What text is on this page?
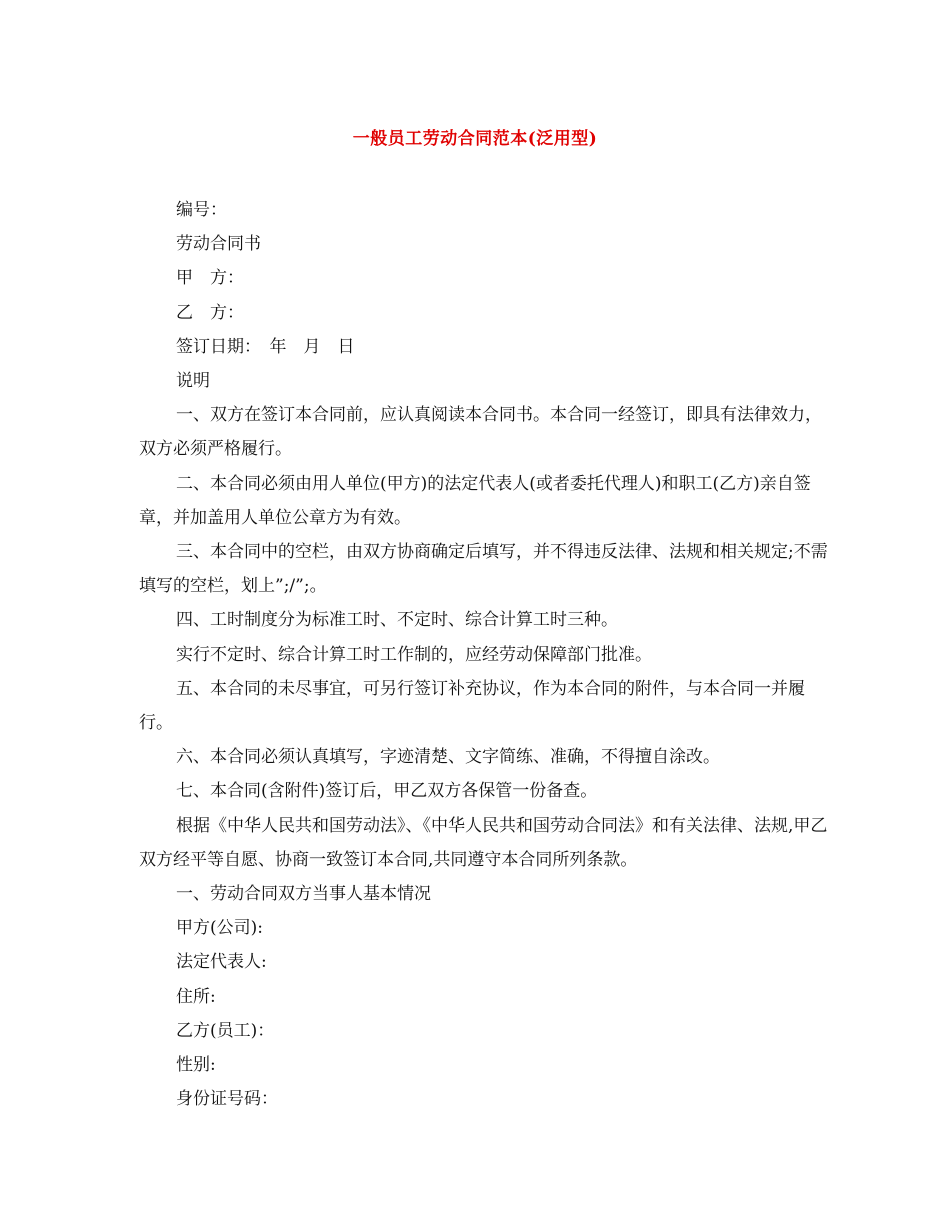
一般员工劳动合同范本(泛用型)

编号：

劳动合同书

甲　方：

乙　方：

签订日期：　年　月　日

说明

一、双方在签订本合同前，应认真阅读本合同书。本合同一经签订，即具有法律效力，双方必须严格履行。

二、本合同必须由用人单位(甲方)的法定代表人(或者委托代理人)和职工(乙方)亲自签章，并加盖用人单位公章方为有效。

三、本合同中的空栏，由双方协商确定后填写，并不得违反法律、法规和相关规定;不需填写的空栏，划上”;/”;。

四、工时制度分为标准工时、不定时、综合计算工时三种。

实行不定时、综合计算工时工作制的，应经劳动保障部门批准。

五、本合同的未尽事宜，可另行签订补充协议，作为本合同的附件，与本合同一并履行。

六、本合同必须认真填写，字迹清楚、文字简练、准确，不得擅自涂改。

七、本合同(含附件)签订后，甲乙双方各保管一份备查。

根据《中华人民共和国劳动法》、《中华人民共和国劳动合同法》和有关法律、法规,甲乙双方经平等自愿、协商一致签订本合同,共同遵守本合同所列条款。

一、劳动合同双方当事人基本情况

甲方(公司):

法定代表人:

住所:

乙方(员工)：

性别:

身份证号码：
